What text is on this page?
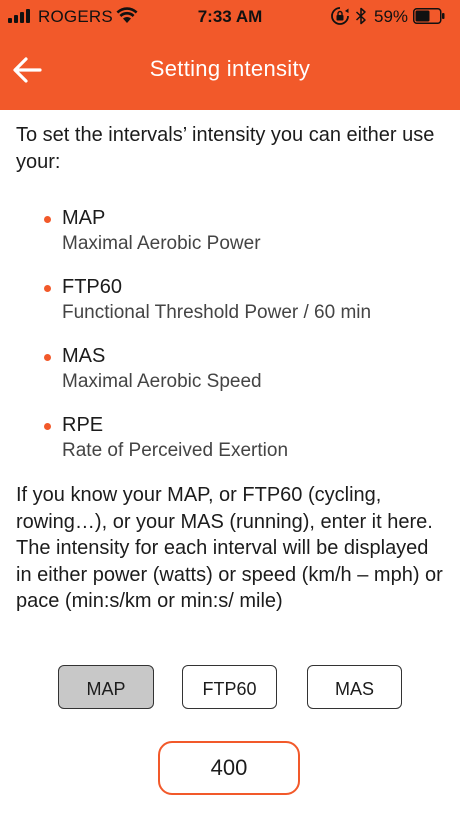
ROGERS	7:33 AM	59%
Setting intensity

To set the intervals’ intensity you can either use your:

MAP
Maximal Aerobic Power
FTP60
Functional Threshold Power / 60 min
MAS
Maximal Aerobic Speed
RPE
Rate of Perceived Exertion

If you know your MAP, or FTP60 (cycling, rowing…), or your MAS (running), enter it here. The intensity for each interval will be displayed in either power (watts) or speed (km/h – mph) or pace (min:s/km or min:s/ mile)

MAP	FTP60	MAS
400
